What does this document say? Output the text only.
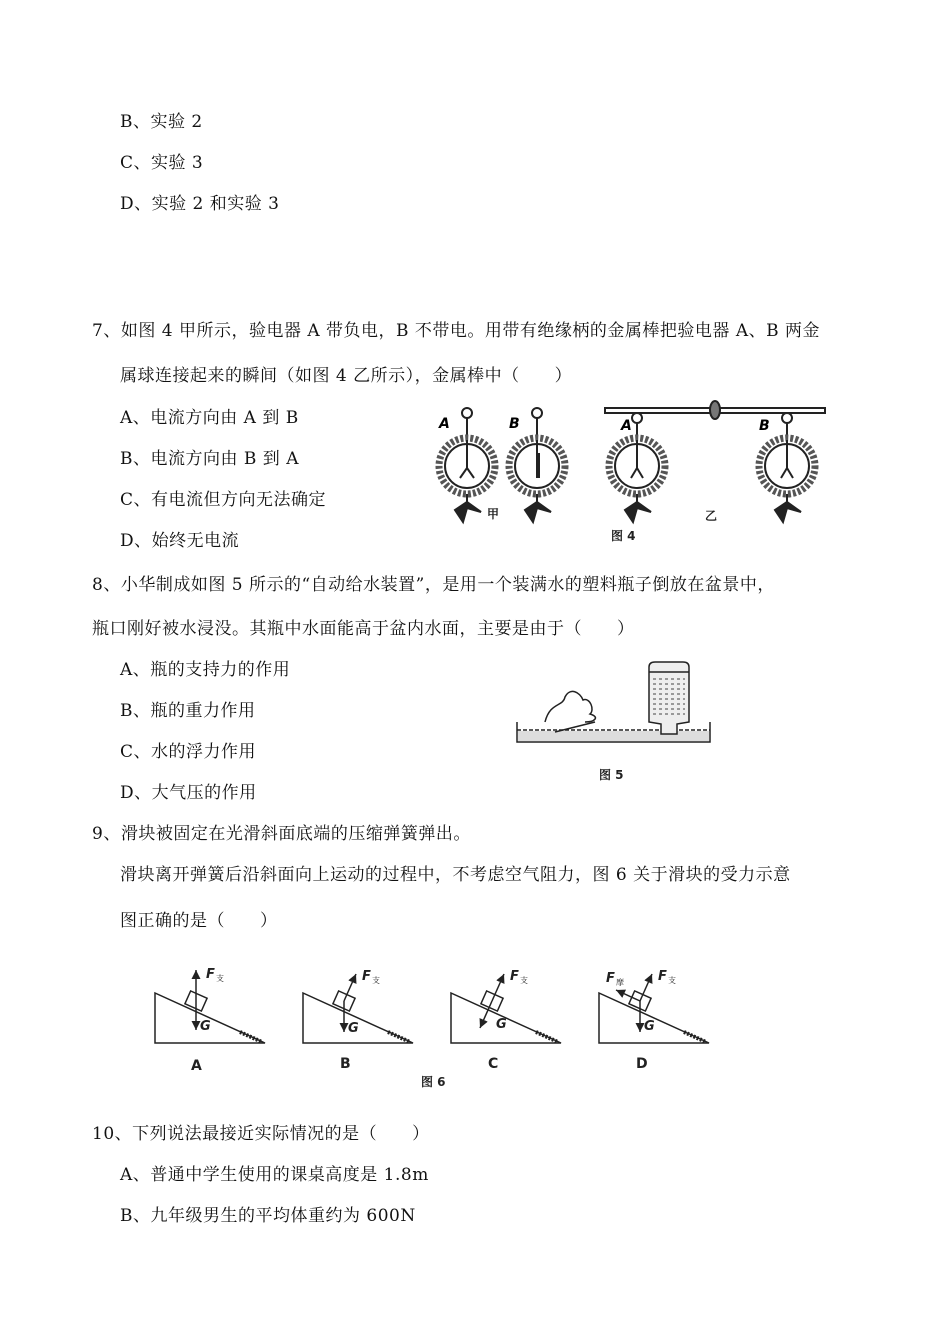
B、实验 2
C、实验 3
D、实验 2 和实验 3
7、如图 4 甲所示，验电器 A 带负电，B 不带电。用带有绝缘柄的金属棒把验电器 A、B 两金
属球连接起来的瞬间（如图 4 乙所示），金属棒中（　　）
A、电流方向由 A 到 B
B、电流方向由 B 到 A
C、有电流但方向无法确定
D、始终无电流
A	B	A	B
甲	乙
图 4
8、小华制成如图 5 所示的“自动给水装置”，是用一个装满水的塑料瓶子倒放在盆景中，
瓶口刚好被水浸没。其瓶中水面能高于盆内水面，主要是由于（　　）
A、瓶的支持力的作用
B、瓶的重力作用
C、水的浮力作用
D、大气压的作用
图 5
9、滑块被固定在光滑斜面底端的压缩弹簧弹出。
滑块离开弹簧后沿斜面向上运动的过程中，不考虑空气阻力，图 6 关于滑块的受力示意
图正确的是（　　）
F 支
G
F 支
G
F 支
G
F 摩	F 支
G
A	B	C	D
图 6
10、下列说法最接近实际情况的是（　　）
A、普通中学生使用的课桌高度是 1.8m
B、九年级男生的平均体重约为 600N
